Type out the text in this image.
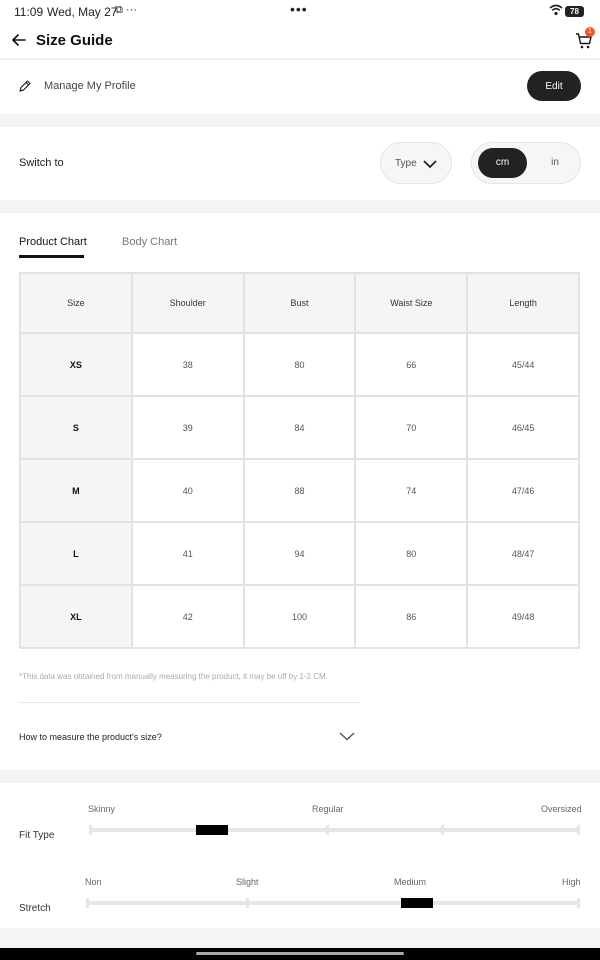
11:09 Wed, May 27
⧉ ···	•••	78
Size Guide
1
Manage My Profile	Edit
Switch to	Type	cm	in
Product Chart	Body Chart
Size	Shoulder	Bust	Waist Size	Length
XS	38	80	66	45/44
S	39	84	70	46/45
M	40	88	74	47/46
L	41	94	80	48/47
XL	42	100	86	49/48
*This data was obtained from manually measuring the product, it may be off by 1-2 CM.
How to measure the product's size?
Skinny	Regular	Oversized
Fit Type
Non	Slight	Medium	High
Stretch
